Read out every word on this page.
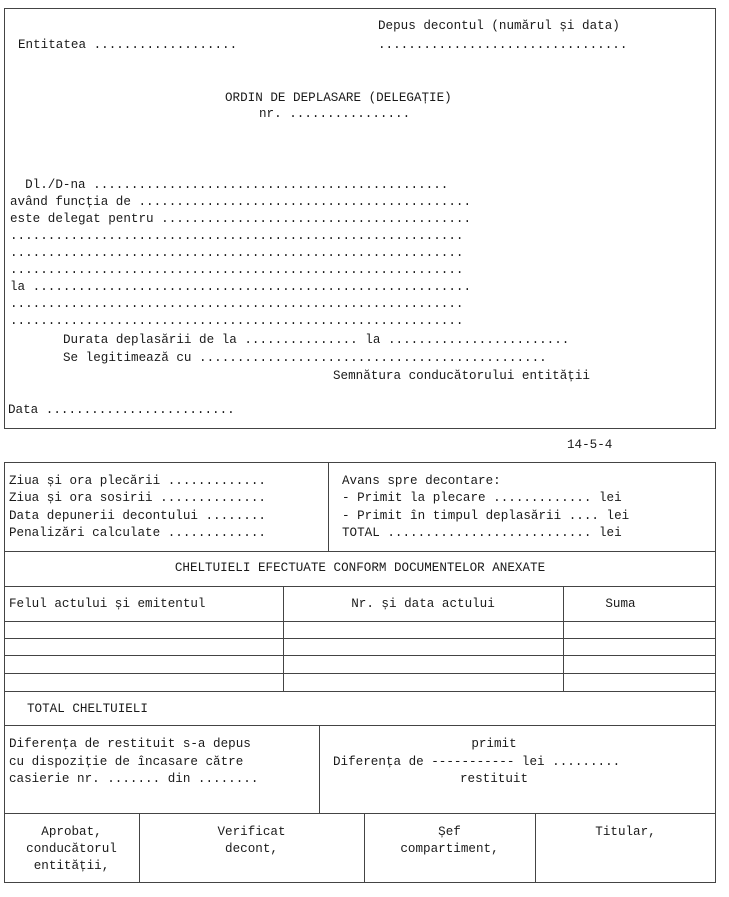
Depus decontul (numărul și data)
Entitatea ...................	.................................
ORDIN DE DEPLASARE (DELEGAȚIE)
nr. ................
Dl./D-na ...............................................
având funcția de ............................................
este delegat pentru .........................................
............................................................
............................................................
............................................................
la ..........................................................
............................................................
............................................................
Durata deplasării de la ............... la ........................
Se legitimează cu ..............................................
Semnătura conducătorului entității
Data .........................
14-5-4
Ziua și ora plecării .............
Ziua și ora sosirii ..............
Data depunerii decontului ........
Penalizări calculate .............
Avans spre decontare:
- Primit la plecare ............. lei
- Primit în timpul deplasării .... lei
TOTAL ........................... lei
CHELTUIELI EFECTUATE CONFORM DOCUMENTELOR ANEXATE
Felul actului și emitentul	Nr. și data actului	Suma
TOTAL CHELTUIELI
Diferența de restituit s-a depus
cu dispoziție de încasare către
casierie nr. ....... din ........
primit
Diferența de ----------- lei .........
restituit
Aprobat,
conducătorul
entității,
Verificat
decont,
Șef
compartiment,
Titular,
